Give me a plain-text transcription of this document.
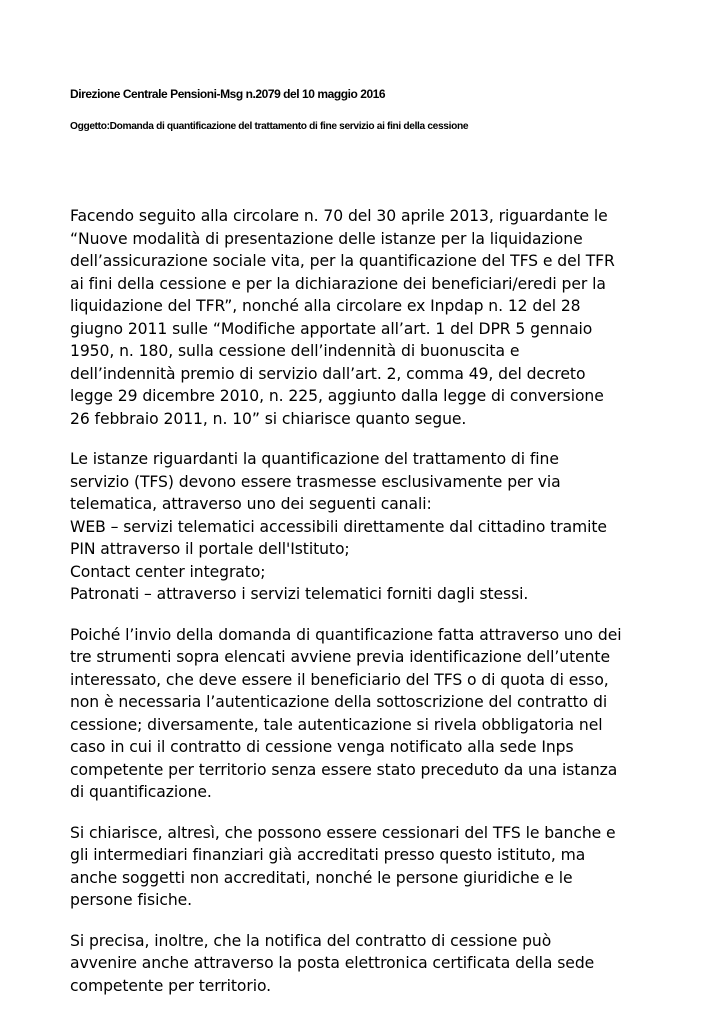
Direzione Centrale Pensioni-Msg n.2079 del 10 maggio 2016

Oggetto:Domanda di quantificazione del trattamento di fine servizio ai fini della cessione

Facendo seguito alla circolare n. 70 del 30 aprile 2013, riguardante le
“Nuove modalità di presentazione delle istanze per la liquidazione
dell’assicurazione sociale vita, per la quantificazione del TFS e del TFR
ai fini della cessione e per la dichiarazione dei beneficiari/eredi per la
liquidazione del TFR”, nonché alla circolare ex Inpdap n. 12 del 28
giugno 2011 sulle “Modifiche apportate all’art. 1 del DPR 5 gennaio
1950, n. 180, sulla cessione dell’indennità di buonuscita e
dell’indennità premio di servizio dall’art. 2, comma 49, del decreto
legge 29 dicembre 2010, n. 225, aggiunto dalla legge di conversione
26 febbraio 2011, n. 10” si chiarisce quanto segue.

Le istanze riguardanti la quantificazione del trattamento di fine
servizio (TFS) devono essere trasmesse esclusivamente per via
telematica, attraverso uno dei seguenti canali:
WEB – servizi telematici accessibili direttamente dal cittadino tramite
PIN attraverso il portale dell'Istituto;
Contact center integrato;
Patronati – attraverso i servizi telematici forniti dagli stessi.

Poiché l’invio della domanda di quantificazione fatta attraverso uno dei
tre strumenti sopra elencati avviene previa identificazione dell’utente
interessato, che deve essere il beneficiario del TFS o di quota di esso,
non è necessaria l’autenticazione della sottoscrizione del contratto di
cessione; diversamente, tale autenticazione si rivela obbligatoria nel
caso in cui il contratto di cessione venga notificato alla sede Inps
competente per territorio senza essere stato preceduto da una istanza
di quantificazione.

Si chiarisce, altresì, che possono essere cessionari del TFS le banche e
gli intermediari finanziari già accreditati presso questo istituto, ma
anche soggetti non accreditati, nonché le persone giuridiche e le
persone fisiche.

Si precisa, inoltre, che la notifica del contratto di cessione può
avvenire anche attraverso la posta elettronica certificata della sede
competente per territorio.
